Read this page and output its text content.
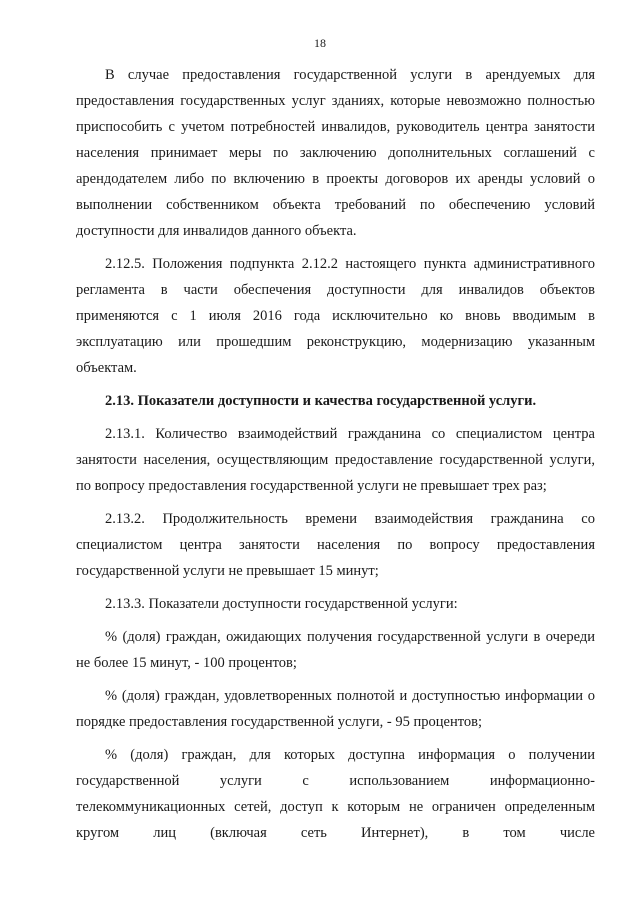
18

В случае предоставления государственной услуги в арендуемых для предоставления государственных услуг зданиях, которые невозможно полностью приспособить с учетом потребностей инвалидов, руководитель центра занятости населения принимает меры по заключению дополнительных соглашений с арендодателем либо по включению в проекты договоров их аренды условий о выполнении собственником объекта требований по обеспечению условий доступности для инвалидов данного объекта.

2.12.5. Положения подпункта 2.12.2 настоящего пункта административного регламента в части обеспечения доступности для инвалидов объектов применяются с 1 июля 2016 года исключительно ко вновь вводимым в эксплуатацию или прошедшим реконструкцию, модернизацию указанным объектам.

2.13. Показатели доступности и качества государственной услуги.

2.13.1. Количество взаимодействий гражданина со специалистом центра занятости населения, осуществляющим предоставление государственной услуги, по вопросу предоставления государственной услуги не превышает трех раз;

2.13.2. Продолжительность времени взаимодействия гражданина со специалистом центра занятости населения по вопросу предоставления государственной услуги не превышает 15 минут;

2.13.3. Показатели доступности государственной услуги:

% (доля) граждан, ожидающих получения государственной услуги в очереди не более 15 минут, - 100 процентов;

% (доля) граждан, удовлетворенных полнотой и доступностью информации о порядке предоставления государственной услуги, - 95 процентов;

% (доля) граждан, для которых доступна информация о получении государственной услуги с использованием информационно-телекоммуникационных сетей, доступ к которым не ограничен определенным кругом лиц (включая сеть Интернет), в том числе
